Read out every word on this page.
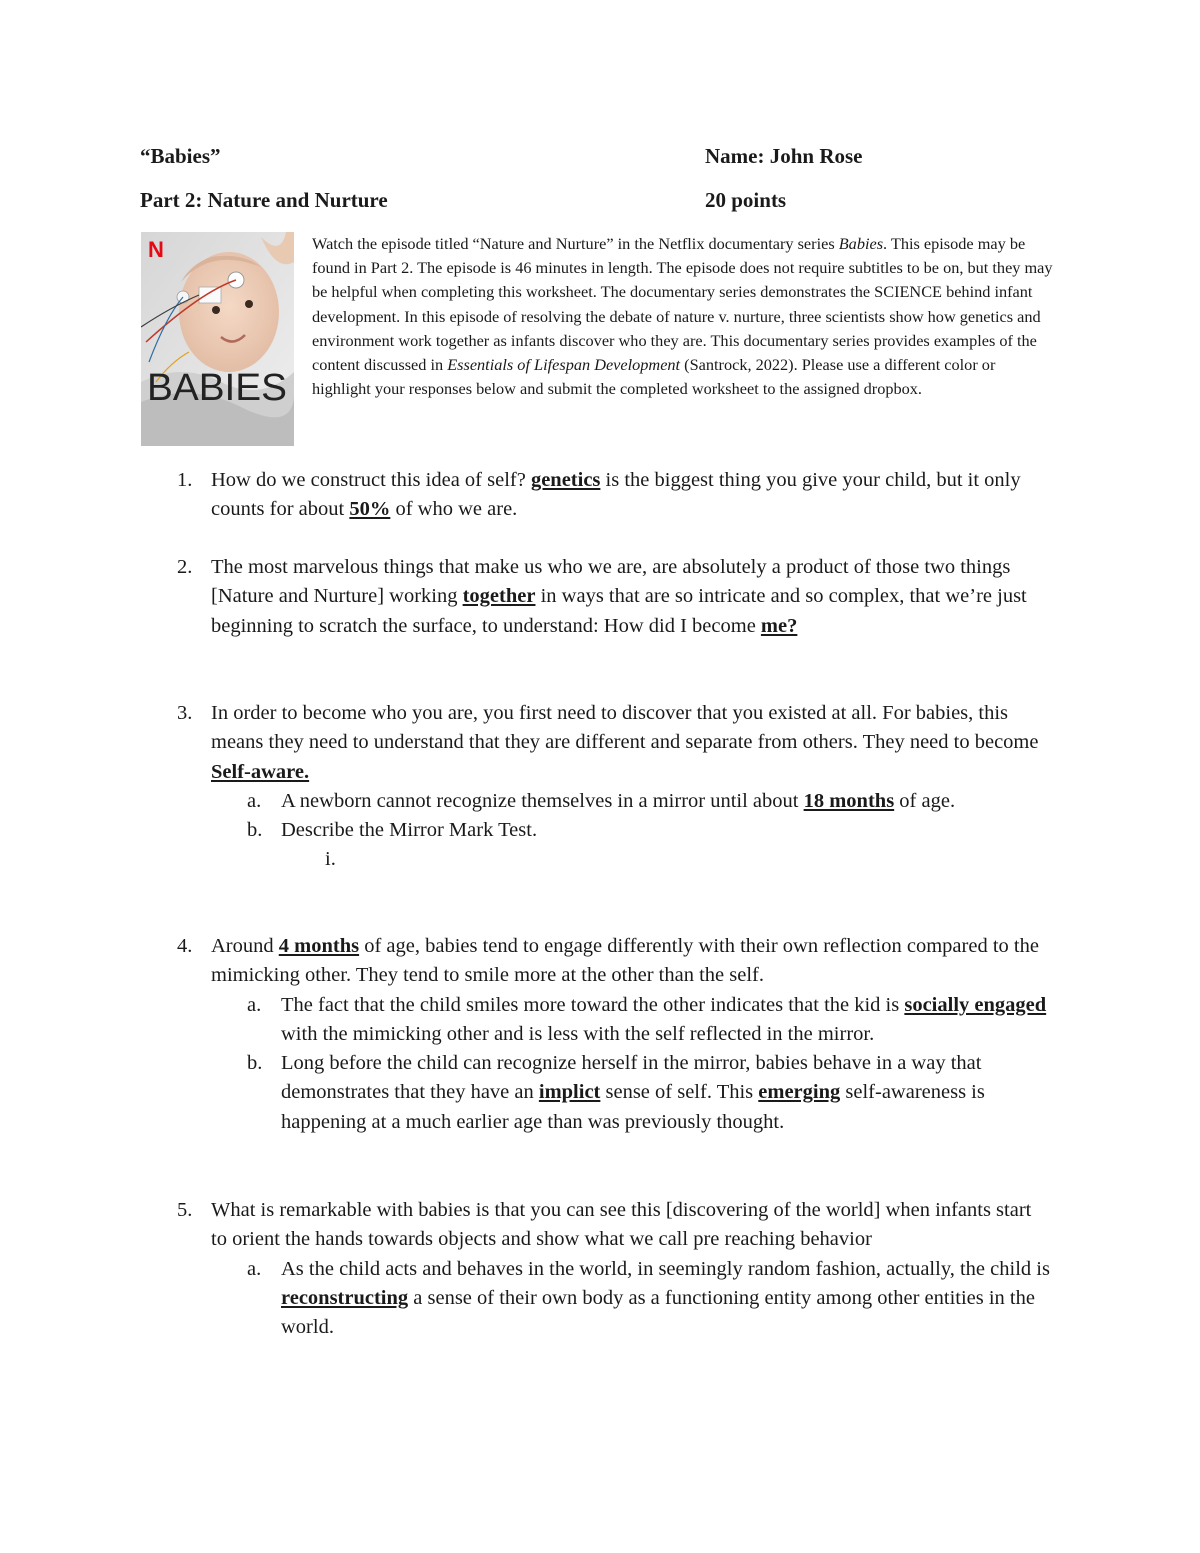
“Babies”	Name: John Rose
Part 2: Nature and Nurture	20 points
N
BABIES

Watch the episode titled “Nature and Nurture” in the Netflix documentary series Babies. This episode may be found in Part 2. The episode is 46 minutes in length. The episode does not require subtitles to be on, but they may be helpful when completing this worksheet. The documentary series demonstrates the SCIENCE behind infant development. In this episode of resolving the debate of nature v. nurture, three scientists show how genetics and environment work together as infants discover who they are. This documentary series provides examples of the content discussed in Essentials of Lifespan Development (Santrock, 2022). Please use a different color or highlight your responses below and submit the completed worksheet to the assigned dropbox.

1. How do we construct this idea of self? genetics is the biggest thing you give your child, but it only counts for about 50% of who we are.
2. The most marvelous things that make us who we are, are absolutely a product of those two things [Nature and Nurture] working together in ways that are so intricate and so complex, that we’re just beginning to scratch the surface, to understand: How did I become me?
3. In order to become who you are, you first need to discover that you existed at all. For babies, this means they need to understand that they are different and separate from others. They need to become Self-aware.
a. A newborn cannot recognize themselves in a mirror until about 18 months of age.
b. Describe the Mirror Mark Test.
i.
4. Around 4 months of age, babies tend to engage differently with their own reflection compared to the mimicking other. They tend to smile more at the other than the self.
a. The fact that the child smiles more toward the other indicates that the kid is socially engaged with the mimicking other and is less with the self reflected in the mirror.
b. Long before the child can recognize herself in the mirror, babies behave in a way that demonstrates that they have an implict sense of self. This emerging self-awareness is happening at a much earlier age than was previously thought.
5. What is remarkable with babies is that you can see this [discovering of the world] when infants start to orient the hands towards objects and show what we call pre reaching behavior
a. As the child acts and behaves in the world, in seemingly random fashion, actually, the child is reconstructing a sense of their own body as a functioning entity among other entities in the world.
